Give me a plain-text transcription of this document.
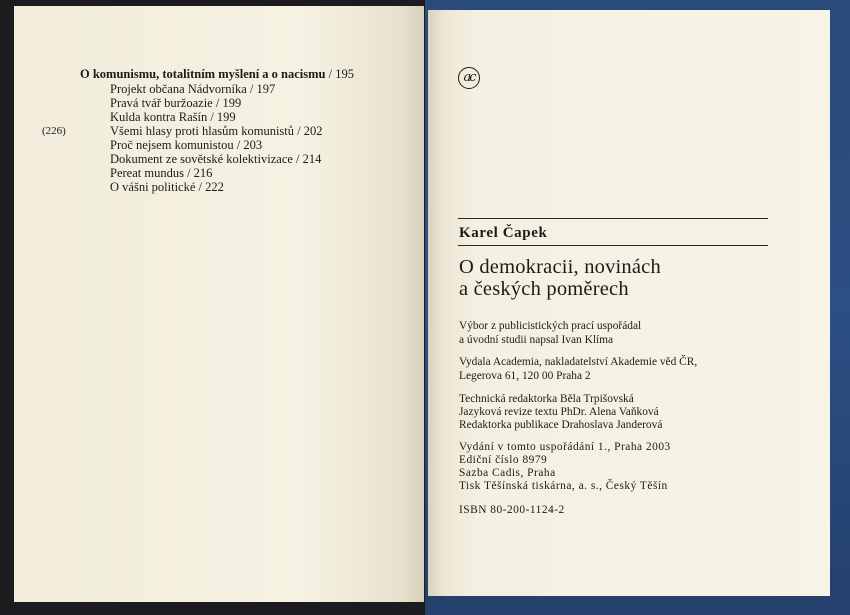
O komunismu, totalitním myšlení a o nacismu / 195
Projekt občana Nádvorníka / 197
Pravá tvář buržoazie / 199
Kulda kontra Rašín / 199
Všemi hlasy proti hlasům komunistů / 202
Proč nejsem komunistou / 203
Dokument ze sovětské kolektivizace / 214
Pereat mundus / 216
O vášni politické / 222
(226)
ac
Karel Čapek
O demokracii, novinách
a českých poměrech
Výbor z publicistických prací uspořádal
a úvodní studii napsal Ivan Klíma
Vydala Academia, nakladatelství Akademie věd ČR,
Legerova 61, 120 00 Praha 2
Technická redaktorka Běla Trpišovská
Jazyková revize textu PhDr. Alena Vaňková
Redaktorka publikace Drahoslava Janderová
Vydání v tomto uspořádání 1., Praha 2003
Ediční číslo 8979
Sazba Cadis, Praha
Tisk Těšínská tiskárna, a. s., Český Těšín
ISBN 80-200-1124-2
